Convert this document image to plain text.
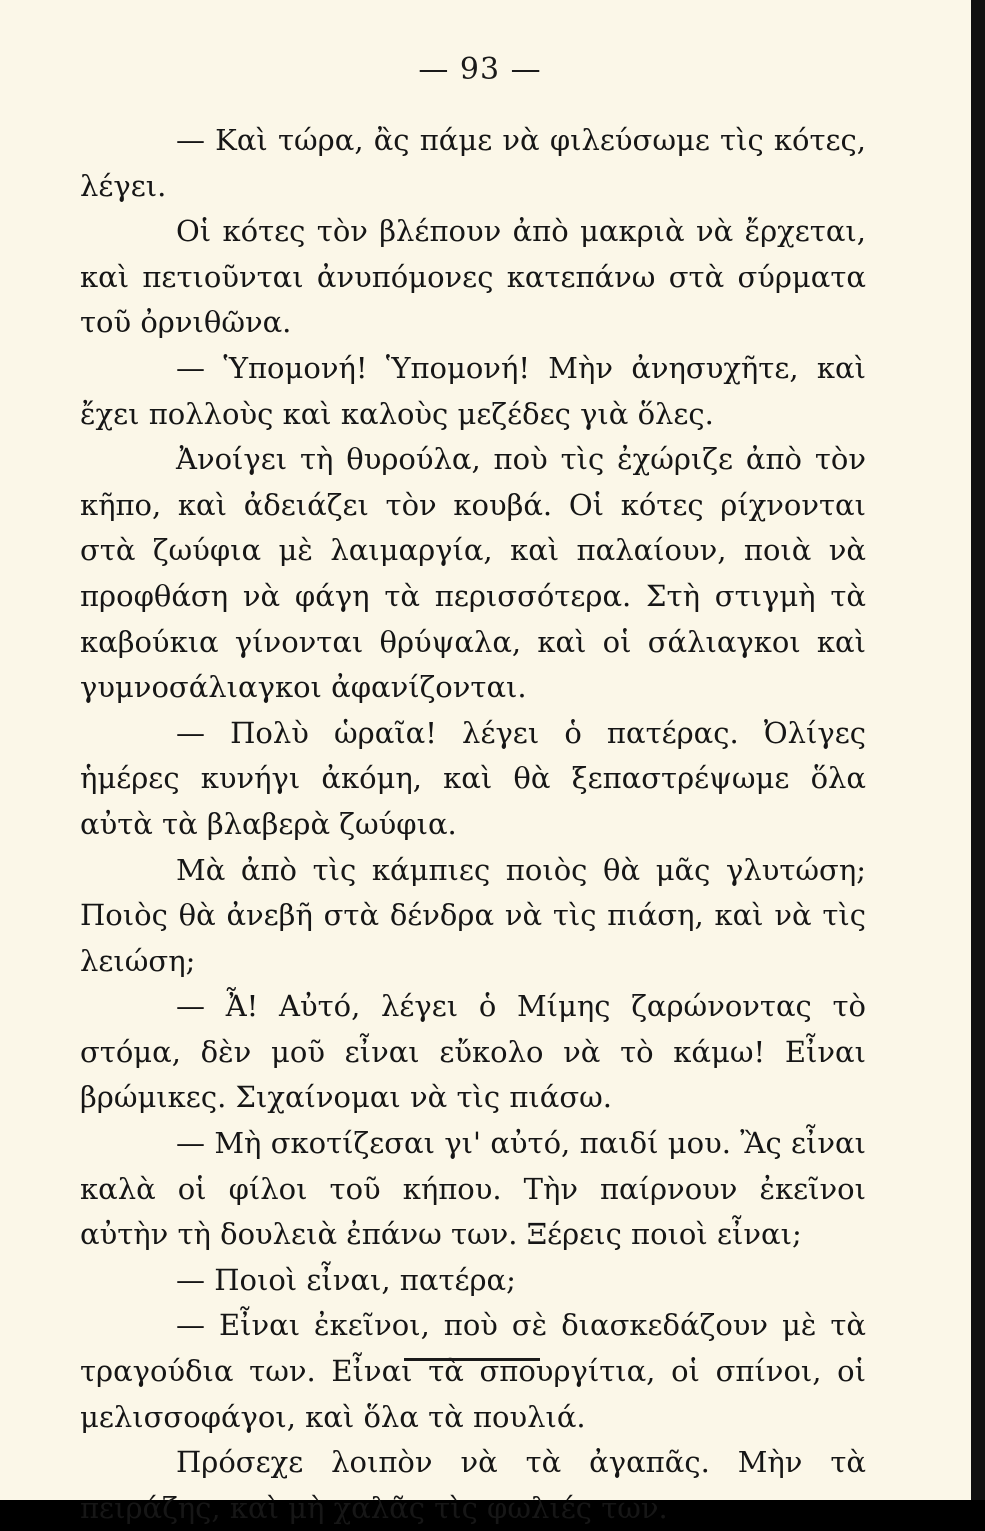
— 93 —

— Καὶ τώρα, ἂς πάμε νὰ φιλεύσωμε τὶς κότες, λέγει.

Οἱ κότες τὸν βλέπουν ἀπὸ μακριὰ νὰ ἔρχεται, καὶ πετιοῦνται ἀνυπόμονες κατεπάνω στὰ σύρματα τοῦ ὀρνιθῶνα.

— Ὑπομονή! Ὑπομονή! Μὴν ἀνησυχῆτε, καὶ ἔχει πολλοὺς καὶ καλοὺς μεζέδες γιὰ ὅλες.

Ἀνοίγει τὴ θυρούλα, ποὺ τὶς ἐχώριζε ἀπὸ τὸν κῆπο, καὶ ἀδειάζει τὸν κουβά. Οἱ κότες ρίχνονται στὰ ζωύφια μὲ λαιμαργία, καὶ παλαίουν, ποιὰ νὰ προφθάση νὰ φάγη τὰ περισσότερα. Στὴ στιγμὴ τὰ καβούκια γίνονται θρύψαλα, καὶ οἱ σάλιαγκοι καὶ γυμνοσάλιαγκοι ἀφανίζονται.

— Πολὺ ὡραῖα! λέγει ὁ πατέρας. Ὀλίγες ἡμέρες κυνήγι ἀκόμη, καὶ θὰ ξεπαστρέψωμε ὅλα αὐτὰ τὰ βλαβερὰ ζωύφια.

Μὰ ἀπὸ τὶς κάμπιες ποιὸς θὰ μᾶς γλυτώση; Ποιὸς θὰ ἀνεβῆ στὰ δένδρα νὰ τὶς πιάση, καὶ νὰ τὶς λειώση;

— Ἆ! Αὐτό, λέγει ὁ Μίμης ζαρώνοντας τὸ στόμα, δὲν μοῦ εἶναι εὔκολο νὰ τὸ κάμω! Εἶναι βρώμικες. Σιχαίνομαι νὰ τὶς πιάσω.

— Μὴ σκοτίζεσαι γι' αὐτό, παιδί μου. Ἂς εἶναι καλὰ οἱ φίλοι τοῦ κήπου. Τὴν παίρνουν ἐκεῖνοι αὐτὴν τὴ δουλειὰ ἐπάνω των. Ξέρεις ποιοὶ εἶναι;

— Ποιοὶ εἶναι, πατέρα;

— Εἶναι ἐκεῖνοι, ποὺ σὲ διασκεδάζουν μὲ τὰ τραγούδια των. Εἶναι τὰ σπουργίτια, οἱ σπίνοι, οἱ μελισσοφάγοι, καὶ ὅλα τὰ πουλιά.

Πρόσεχε λοιπὸν νὰ τὰ ἀγαπᾶς. Μὴν τὰ πειράζης, καὶ μὴ χαλᾶς τὶς φωλιές των.
